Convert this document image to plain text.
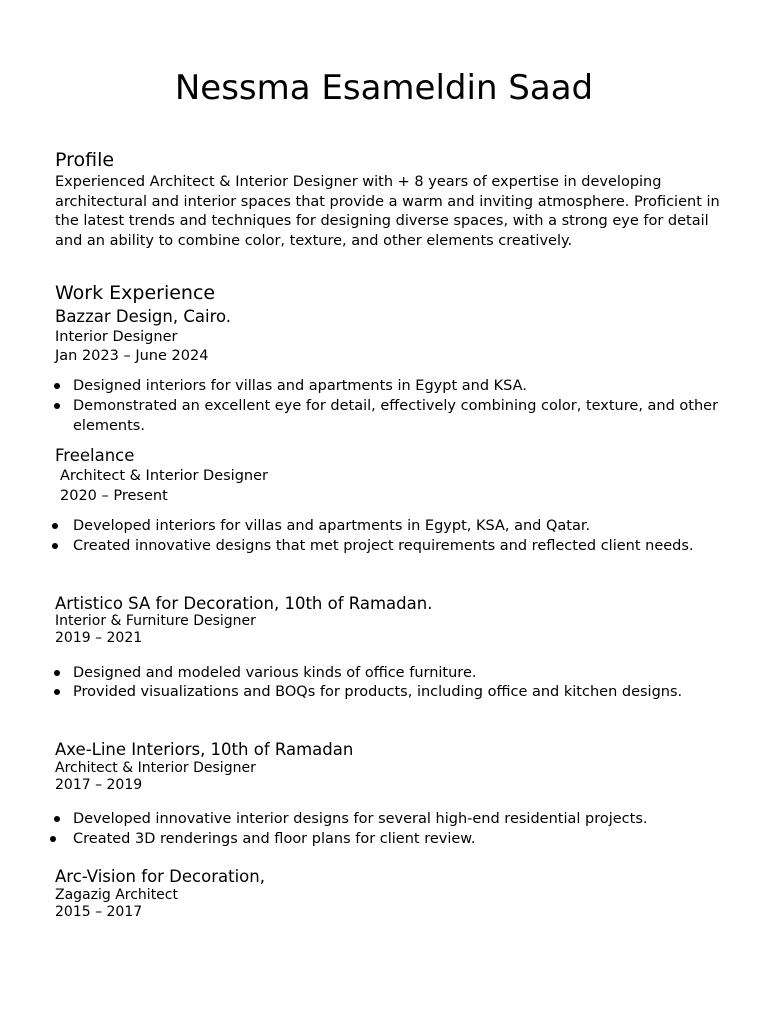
Nessma Esameldin Saad
Profile
Experienced Architect & Interior Designer with + 8 years of expertise in developing architectural and interior spaces that provide a warm and inviting atmosphere. Proficient in the latest trends and techniques for designing diverse spaces, with a strong eye for detail and an ability to combine color, texture, and other elements creatively.
Work Experience
Bazzar Design, Cairo.
Interior Designer
Jan 2023 – June 2024
Designed interiors for villas and apartments in Egypt and KSA.
Demonstrated an excellent eye for detail, effectively combining color, texture, and other elements.
Freelance
Architect & Interior Designer
2020 – Present
Developed interiors for villas and apartments in Egypt, KSA, and Qatar.
Created innovative designs that met project requirements and reflected client needs.
Artistico SA for Decoration, 10th of Ramadan.
Interior & Furniture Designer
2019 – 2021
Designed and modeled various kinds of office furniture.
Provided visualizations and BOQs for products, including office and kitchen designs.
Axe-Line Interiors, 10th of Ramadan
Architect & Interior Designer
2017 – 2019
Developed innovative interior designs for several high-end residential projects.
Created 3D renderings and floor plans for client review.
Arc-Vision for Decoration,
Zagazig Architect
2015 – 2017
